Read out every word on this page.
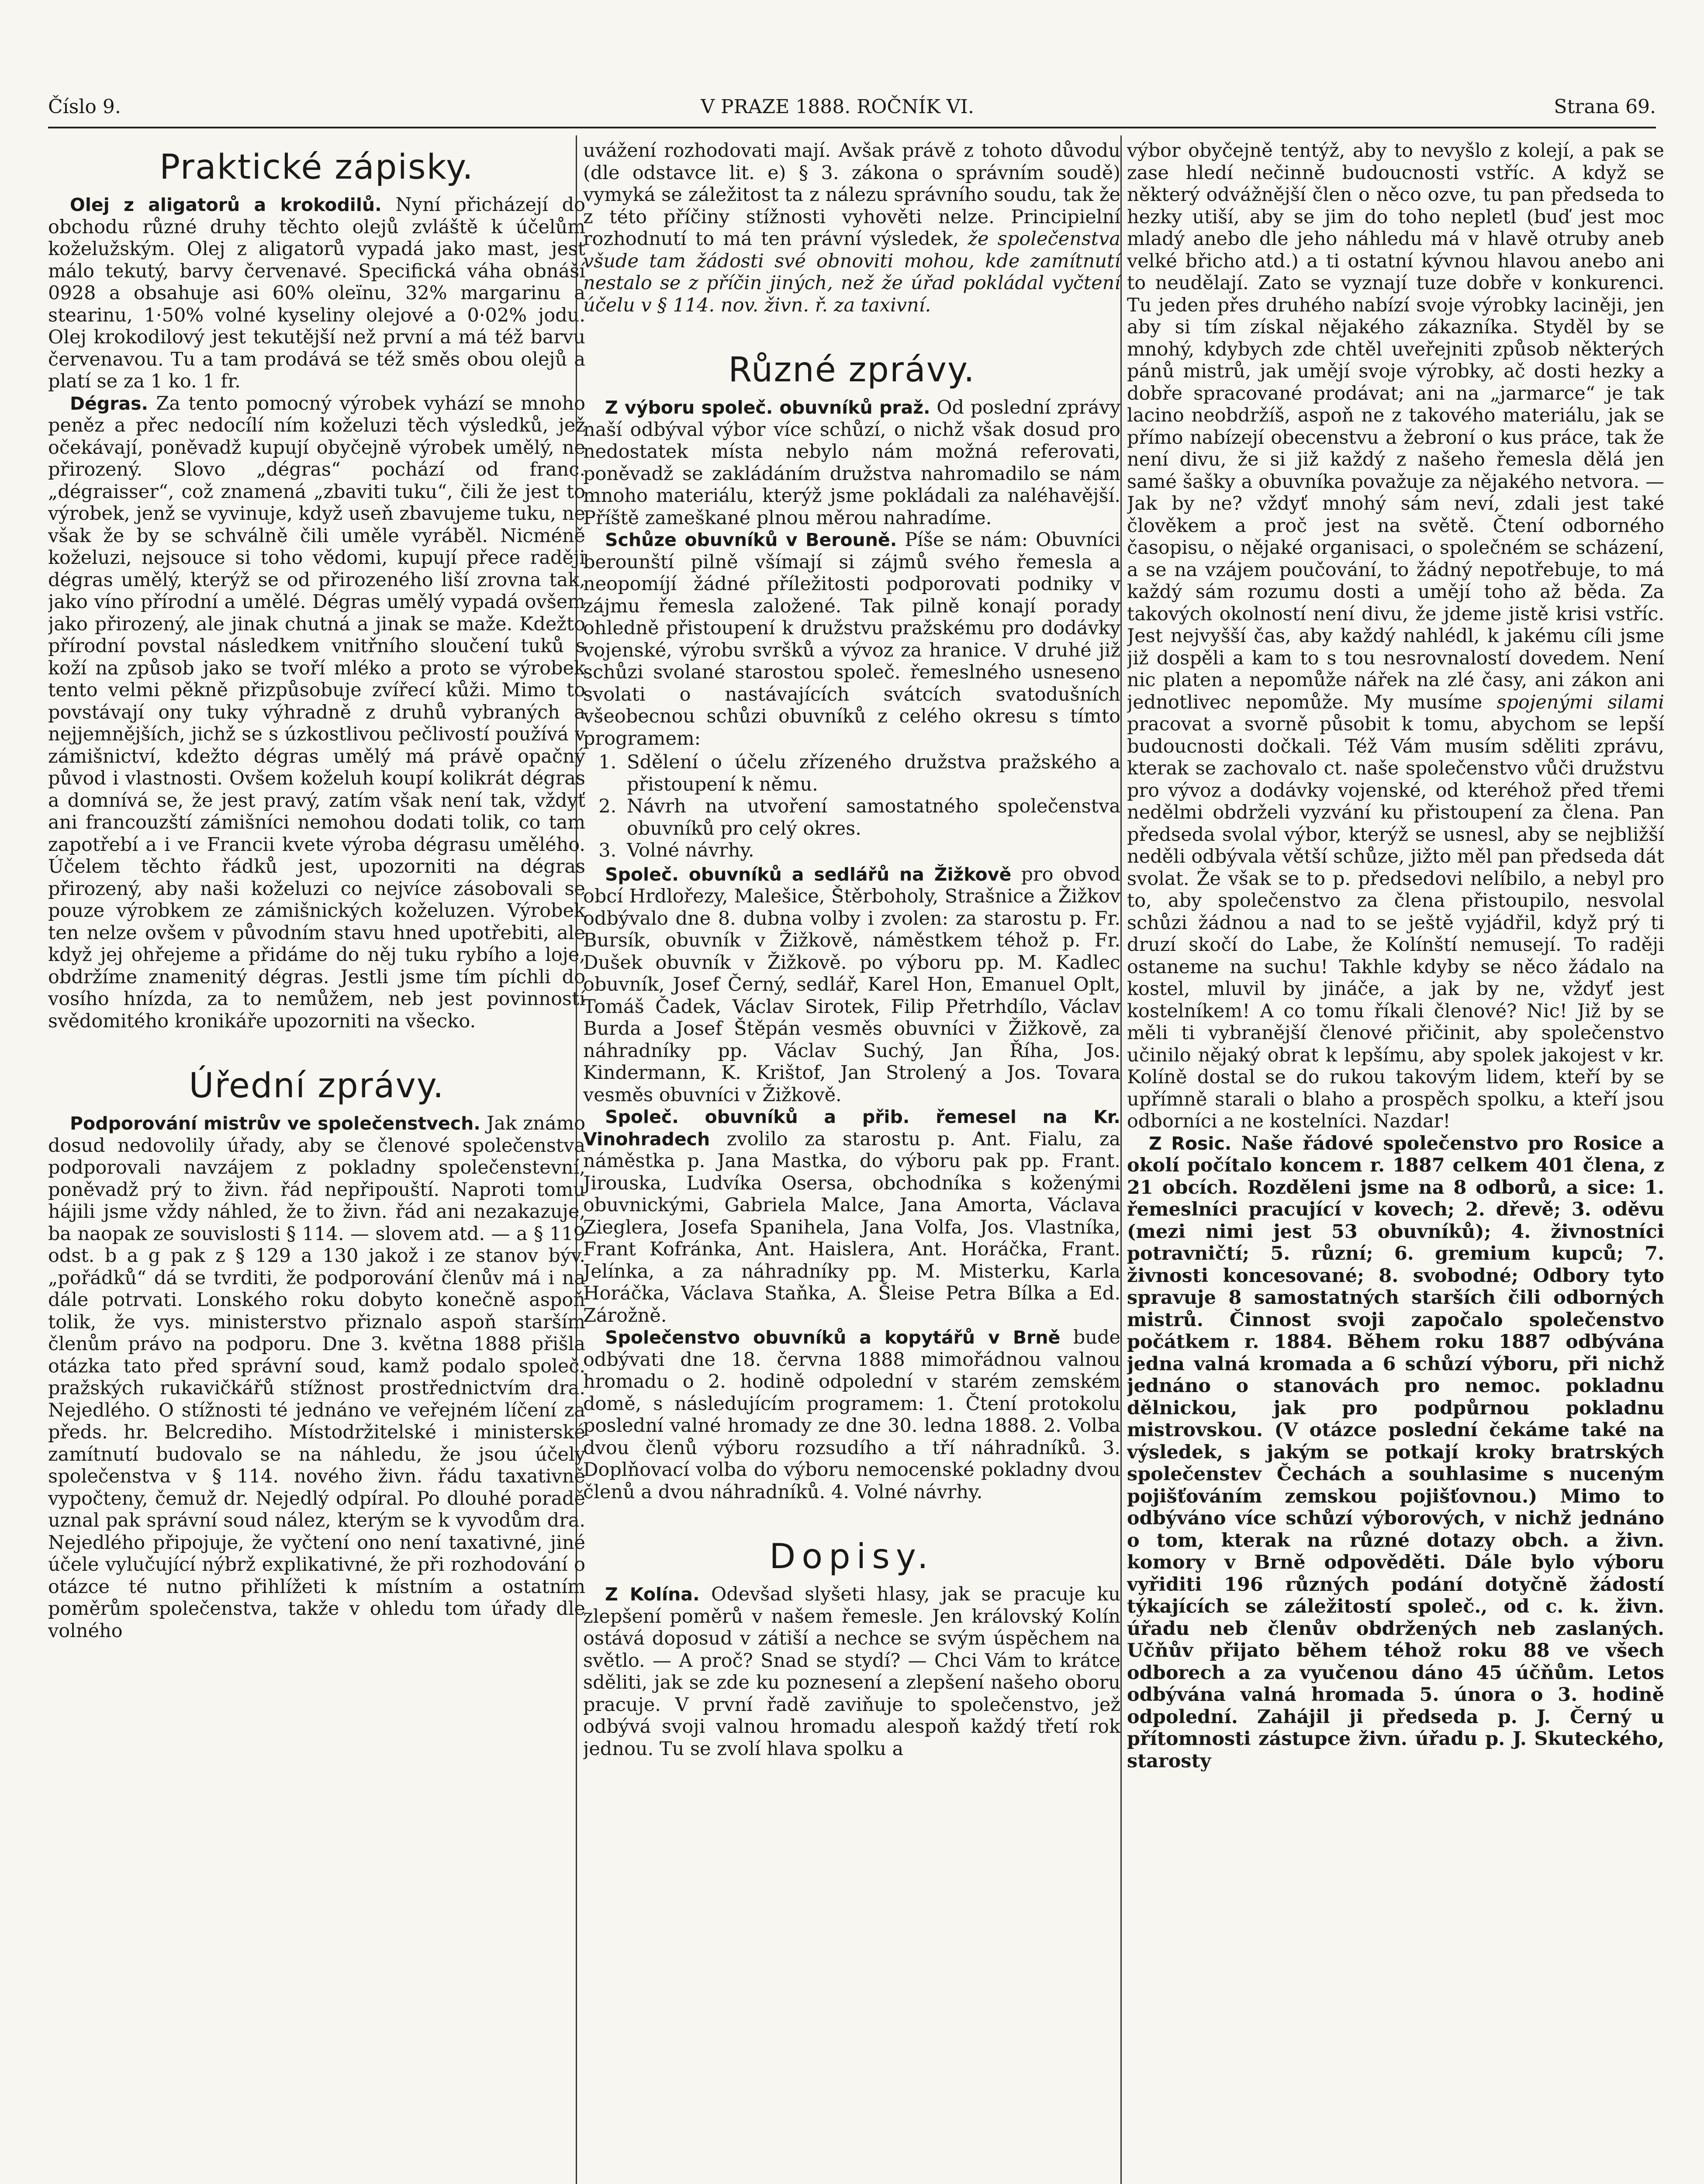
Číslo 9.	V PRAZE 1888. ROČNÍK VI.	Strana 69.
Praktické zápisky.

Olej z aligatorů a krokodilů. Nyní přicházejí do obchodu různé druhy těchto olejů zvláště k účelům koželužským. Olej z aligatorů vypadá jako mast, jest málo tekutý, barvy červenavé. Specifická váha obnáší 0928 a obsahuje asi 60% oleïnu, 32% margarinu a stearinu, 1·50% volné kyseliny olejové a 0·02% jodu. Olej krokodilový jest tekutější než první a má též barvu červenavou. Tu a tam prodává se též směs obou olejů a platí se za 1 ko. 1 fr.

Dégras. Za tento pomocný výrobek vyhází se mnoho peněz a přec nedocílí ním koželuzi těch výsledků, jež očekávají, poněvadž kupují obyčejně výrobek umělý, ne přirozený. Slovo „dégras“ pochází od franc. „dégraisser“, což znamená „zbaviti tuku“, čili že jest to výrobek, jenž se vyvinuje, když useň zbavujeme tuku, ne však že by se schválně čili uměle vyráběl. Nicméně koželuzi, nejsouce si toho vědomi, kupují přece raději dégras umělý, kterýž se od přirozeného liší zrovna tak, jako víno přírodní a umělé. Dégras umělý vypadá ovšem jako přirozený, ale jinak chutná a jinak se maže. Kdežto přírodní povstal následkem vnitřního sloučení tuků s koží na způsob jako se tvoří mléko a proto se výrobek tento velmi pěkně přizpůsobuje zvířecí kůži. Mimo to povstávají ony tuky výhradně z druhů vybraných a nejjemnějších, jichž se s úzkostlivou pečlivostí používá v zámišnictví, kdežto dégras umělý má právě opačný původ i vlastnosti. Ovšem koželuh koupí kolikrát dégras a domnívá se, že jest pravý, zatím však není tak, vždyť ani francouzští zámišníci nemohou dodati tolik, co tam zapotřebí a i ve Francii kvete výroba dégrasu umělého. Účelem těchto řádků jest, upozorniti na dégras přirozený, aby naši koželuzi co nejvíce zásobovali se pouze výrobkem ze zámišnických koželuzen. Výrobek ten nelze ovšem v původním stavu hned upotřebiti, ale když jej ohřejeme a přidáme do něj tuku rybího a loje, obdržíme znamenitý dégras. Jestli jsme tím píchli do vosího hnízda, za to nemůžem, neb jest povinností svědomitého kronikáře upozorniti na všecko.

Úřední zprávy.

Podporování mistrův ve společenstvech. Jak známo dosud nedovolily úřady, aby se členové společenstva podporovali navzájem z pokladny společenstevní, poněvadž prý to živn. řád nepřipouští. Naproti tomu hájili jsme vždy náhled, že to živn. řád ani nezakazuje, ba naopak ze souvislosti § 114. — slovem atd. — a § 119 odst. b a g pak z § 129 a 130 jakož i ze stanov býv. „pořádků“ dá se tvrditi, že podporování členův má i na dále potrvati. Lonského roku dobyto konečně aspoň tolik, že vys. ministerstvo přiznalo aspoň starším členům právo na podporu. Dne 3. května 1888 přišla otázka tato před správní soud, kamž podalo společ. pražských rukavičkářů stížnost prostřednictvím dra. Nejedlého. O stížnosti té jednáno ve veřejném líčení za předs. hr. Belcrediho. Místodržitelské i ministerské zamítnutí budovalo se na náhledu, že jsou účely společenstva v § 114. nového živn. řádu taxativně vypočteny, čemuž dr. Nejedlý odpíral. Po dlouhé poradě uznal pak správní soud nález, kterým se k vyvodům dra. Nejedlého připojuje, že vyčtení ono není taxativné, jiné účele vylučující nýbrž explikativné, že při rozhodování o otázce té nutno přihlížeti k místním a ostatním poměrům společenstva, takže v ohledu tom úřady dle volného

uvážení rozhodovati mají. Avšak právě z tohoto důvodu (dle odstavce lit. e) § 3. zákona o správním soudě) vymyká se záležitost ta z nálezu správního soudu, tak že z této příčiny stížnosti vyhověti nelze. Principielní rozhodnutí to má ten právní výsledek, že společenstva všude tam žádosti své obnoviti mohou, kde zamítnutí nestalo se z příčin jiných, než že úřad pokládal vyčtení účelu v § 114. nov. živn. ř. za taxivní.

Různé zprávy.

Z výboru společ. obuvníků praž. Od poslední zprávy naší odbýval výbor více schůzí, o nichž však dosud pro nedostatek místa nebylo nám možná referovati, poněvadž se zakládáním družstva nahromadilo se nám mnoho materiálu, kterýž jsme pokládali za naléhavější. Příště zameškané plnou měrou nahradíme.

Schůze obuvníků v Berouně. Píše se nám: Obuvníci berounští pilně všímají si zájmů svého řemesla a neopomíjí žádné příležitosti podporovati podniky v zájmu řemesla založené. Tak pilně konají porady ohledně přistoupení k družstvu pražskému pro dodávky vojenské, výrobu svršků a vývoz za hranice. V druhé již schůzi svolané starostou společ. řemeslného usneseno svolati o nastávajících svátcích svatodušních všeobecnou schůzi obuvníků z celého okresu s tímto programem:

1. Sdělení o účelu zřízeného družstva pražského a přistoupení k němu.
2. Návrh na utvoření samostatného společenstva obuvníků pro celý okres.
3. Volné návrhy.

Společ. obuvníků a sedlářů na Žižkově pro obvod obcí Hrdlořezy, Malešice, Štěrboholy, Strašnice a Žižkov odbývalo dne 8. dubna volby i zvolen: za starostu p. Fr. Bursík, obuvník v Žižkově, náměstkem téhož p. Fr. Dušek obuvník v Žižkově. po výboru pp. M. Kadlec obuvník, Josef Černý, sedlář, Karel Hon, Emanuel Oplt, Tomáš Čadek, Václav Sirotek, Filip Přetrhdílo, Václav Burda a Josef Štěpán vesměs obuvníci v Žižkově, za náhradníky pp. Václav Suchý, Jan Říha, Jos. Kindermann, K. Krištof, Jan Strolený a Jos. Tovara vesměs obuvníci v Žižkově.

Společ. obuvníků a přib. řemesel na Kr. Vinohradech zvolilo za starostu p. Ant. Fialu, za náměstka p. Jana Mastka, do výboru pak pp. Frant. Jirouska, Ludvíka Osersa, obchodníka s koženými obuvnickými, Gabriela Malce, Jana Amorta, Václava Zieglera, Josefa Spanihela, Jana Volfa, Jos. Vlastníka, Frant Kofránka, Ant. Haislera, Ant. Horáčka, Frant. Jelínka, a za náhradníky pp. M. Misterku, Karla Horáčka, Václava Staňka, A. Šleise Petra Bílka a Ed. Zárožně.

Společenstvo obuvníků a kopytářů v Brně bude odbývati dne 18. června 1888 mimořádnou valnou hromadu o 2. hodině odpolední v starém zemském domě, s následujícím programem: 1. Čtení protokolu poslední valné hromady ze dne 30. ledna 1888. 2. Volba dvou členů výboru rozsudího a tří náhradníků. 3. Doplňovací volba do výboru nemocenské pokladny dvou členů a dvou náhradníků. 4. Volné návrhy.

Dopisy.

Z Kolína. Odevšad slyšeti hlasy, jak se pracuje ku zlepšení poměrů v našem řemesle. Jen královský Kolín ostává doposud v zátiší a nechce se svým úspěchem na světlo. — A proč? Snad se stydí? — Chci Vám to krátce sděliti, jak se zde ku poznesení a zlepšení našeho oboru pracuje. V první řadě zaviňuje to společenstvo, jež odbývá svoji valnou hromadu alespoň každý třetí rok jednou. Tu se zvolí hlava spolku a

výbor obyčejně tentýž, aby to nevyšlo z kolejí, a pak se zase hledí nečinně budoucnosti vstříc. A když se některý odvážnější člen o něco ozve, tu pan předseda to hezky utiší, aby se jim do toho nepletl (buď jest moc mladý anebo dle jeho náhledu má v hlavě otruby aneb velké břicho atd.) a ti ostatní kývnou hlavou anebo ani to neudělají. Zato se vyznají tuze dobře v konkurenci. Tu jeden přes druhého nabízí svoje výrobky laciněji, jen aby si tím získal nějakého zákazníka. Styděl by se mnohý, kdybych zde chtěl uveřejniti způsob některých pánů mistrů, jak umějí svoje výrobky, ač dosti hezky a dobře spracované prodávat; ani na „jarmarce“ je tak lacino neobdržíš, aspoň ne z takového materiálu, jak se přímo nabízejí obecenstvu a žebroní o kus práce, tak že není divu, že si již každý z našeho řemesla dělá jen samé šašky a obuvníka považuje za nějakého netvora. — Jak by ne? vždyť mnohý sám neví, zdali jest také člověkem a proč jest na světě. Čtení odborného časopisu, o nějaké organisaci, o společném se scházení, a se na vzájem poučování, to žádný nepotřebuje, to má každý sám rozumu dosti a umějí toho až běda. Za takových okolností není divu, že jdeme jistě krisi vstříc. Jest nejvyšší čas, aby každý nahlédl, k jakému cíli jsme již dospěli a kam to s tou nesrovnalostí dovedem. Není nic platen a nepomůže nářek na zlé časy, ani zákon ani jednotlivec nepomůže. My musíme spojenými silami pracovat a svorně působit k tomu, abychom se lepší budoucnosti dočkali. Též Vám musím sděliti zprávu, kterak se zachovalo ct. naše společenstvo vůči družstvu pro vývoz a dodávky vojenské, od kteréhož před třemi nedělmi obdrželi vyzvání ku přistoupení za člena. Pan předseda svolal výbor, kterýž se usnesl, aby se nejbližší neděli odbývala větší schůze, jižto měl pan předseda dát svolat. Že však se to p. předsedovi nelíbilo, a nebyl pro to, aby společenstvo za člena přistoupilo, nesvolal schůzi žádnou a nad to se ještě vyjádřil, když prý ti druzí skočí do Labe, že Kolínští nemusejí. To raději ostaneme na suchu! Takhle kdyby se něco žádalo na kostel, mluvil by jináče, a jak by ne, vždyť jest kostelníkem! A co tomu říkali členové? Nic! Již by se měli ti vybranější členové přičinit, aby společenstvo učinilo nějaký obrat k lepšímu, aby spolek jakojest v kr. Kolíně dostal se do rukou takovým lidem, kteří by se upřímně starali o blaho a prospěch spolku, a kteří jsou odborníci a ne kostelníci. Nazdar!

Z Rosic. Naše řádové společenstvo pro Rosice a okolí počítalo koncem r. 1887 celkem 401 člena, z 21 obcích. Rozděleni jsme na 8 odborů, a sice: 1. řemeslníci pracující v kovech; 2. dřevě; 3. oděvu (mezi nimi jest 53 obuvníků); 4. živnostníci potravničtí; 5. různí; 6. gremium kupců; 7. živnosti koncesované; 8. svobodné; Odbory tyto spravuje 8 samostatných starších čili odborných mistrů. Činnost svoji započalo společenstvo počátkem r. 1884. Během roku 1887 odbývána jedna valná kromada a 6 schůzí výboru, při nichž jednáno o stanovách pro nemoc. pokladnu dělnickou, jak pro podpůrnou pokladnu mistrovskou. (V otázce poslední čekáme také na výsledek, s jakým se potkají kroky bratrských společenstev Čechách a souhlasime s nuceným pojišťováním zemskou pojišťovnou.) Mimo to odbýváno více schůzí výborových, v nichž jednáno o tom, kterak na různé dotazy obch. a živn. komory v Brně odpověděti. Dále bylo výboru vyřiditi 196 různých podání dotyčně žádostí týkajících se záležitostí společ., od c. k. živn. úřadu neb členův obdržených neb zaslaných. Učňův přijato během téhož roku 88 ve všech odborech a za vyučenou dáno 45 účňům. Letos odbývána valná hromada 5. února o 3. hodině odpolední. Zahájil ji předseda p. J. Černý u přítomnosti zástupce živn. úřadu p. J. Skuteckého, starosty
